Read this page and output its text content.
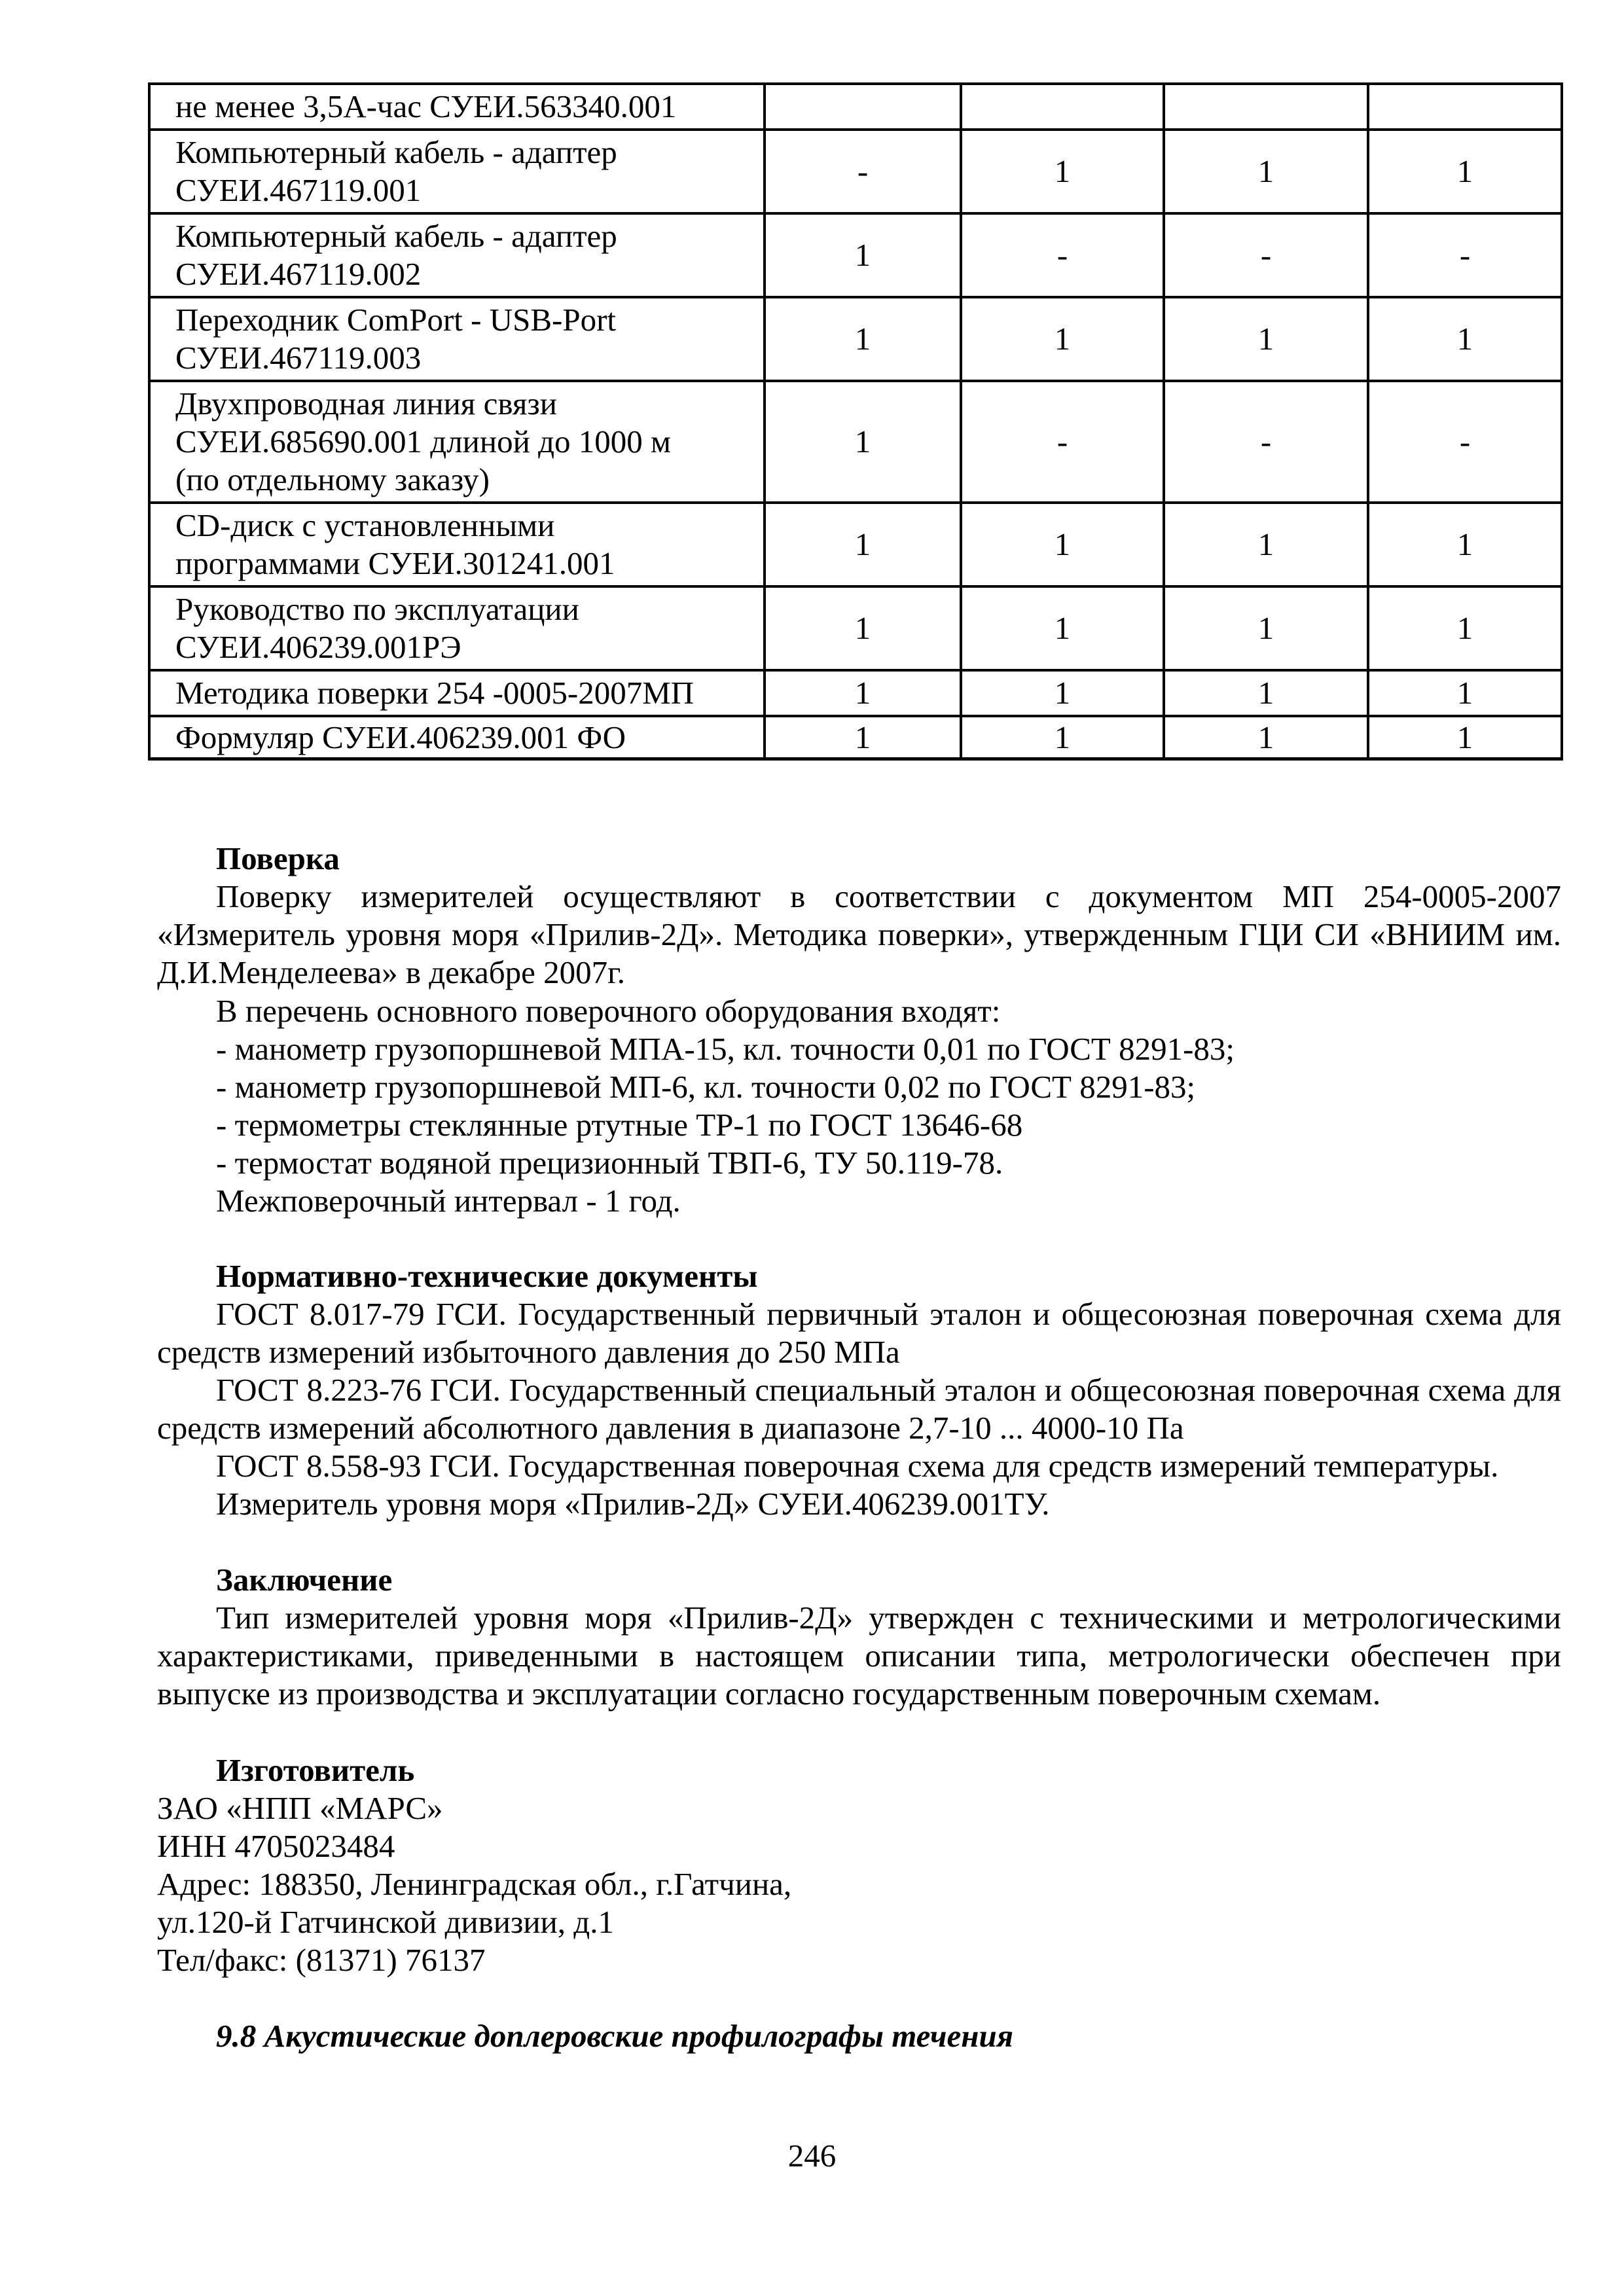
не менее 3,5А-час СУЕИ.563340.001				

Компьютерный кабель - адаптер
СУЕИ.467119.001	-	1	1	1

Компьютерный кабель - адаптер
СУЕИ.467119.002	1	-	-	-

Переходник ComPort - USB-Port
СУЕИ.467119.003	1	1	1	1

Двухпроводная линия связи
СУЕИ.685690.001 длиной до 1000 м
(по отдельному заказу)	1	-	-	-

CD-диск с установленными
программами СУЕИ.301241.001	1	1	1	1

Руководство по эксплуатации
СУЕИ.406239.001РЭ	1	1	1	1

Методика поверки 254 -0005-2007МП	1	1	1	1

Формуляр СУЕИ.406239.001 ФО	1	1	1	1
Поверка
Поверку измерителей осуществляют в соответствии с документом МП 254-0005-2007 «Измеритель уровня моря «Прилив-2Д». Методика поверки», утвержденным ГЦИ СИ «ВНИИМ им. Д.И.Менделеева» в декабре 2007г.
В перечень основного поверочного оборудования входят:
- манометр грузопоршневой МПА-15, кл. точности 0,01 по ГОСТ 8291-83;
- манометр грузопоршневой МП-6, кл. точности 0,02 по ГОСТ 8291-83;
- термометры стеклянные ртутные ТР-1 по ГОСТ 13646-68
- термостат водяной прецизионный ТВП-6, ТУ 50.119-78.
Межповерочный интервал - 1 год.
Нормативно-технические документы
ГОСТ 8.017-79 ГСИ. Государственный первичный эталон и общесоюзная поверочная схема для средств измерений избыточного давления до 250 МПа
ГОСТ 8.223-76 ГСИ. Государственный специальный эталон и общесоюзная поверочная схема для средств измерений абсолютного давления в диапазоне 2,7-10 ... 4000-10 Па
ГОСТ 8.558-93 ГСИ. Государственная поверочная схема для средств измерений температуры.
Измеритель уровня моря «Прилив-2Д» СУЕИ.406239.001ТУ.
Заключение
Тип измерителей уровня моря «Прилив-2Д» утвержден с техническими и метрологическими характеристиками, приведенными в настоящем описании типа, метрологически обеспечен при выпуске из производства и эксплуатации согласно государственным поверочным схемам.
Изготовитель
ЗАО «НПП «МАРС»
ИНН 4705023484
Адрес: 188350, Ленинградская обл., г.Гатчина,
ул.120-й Гатчинской дивизии, д.1
Тел/факс: (81371) 76137
9.8 Акустические доплеровские профилографы течения
246
